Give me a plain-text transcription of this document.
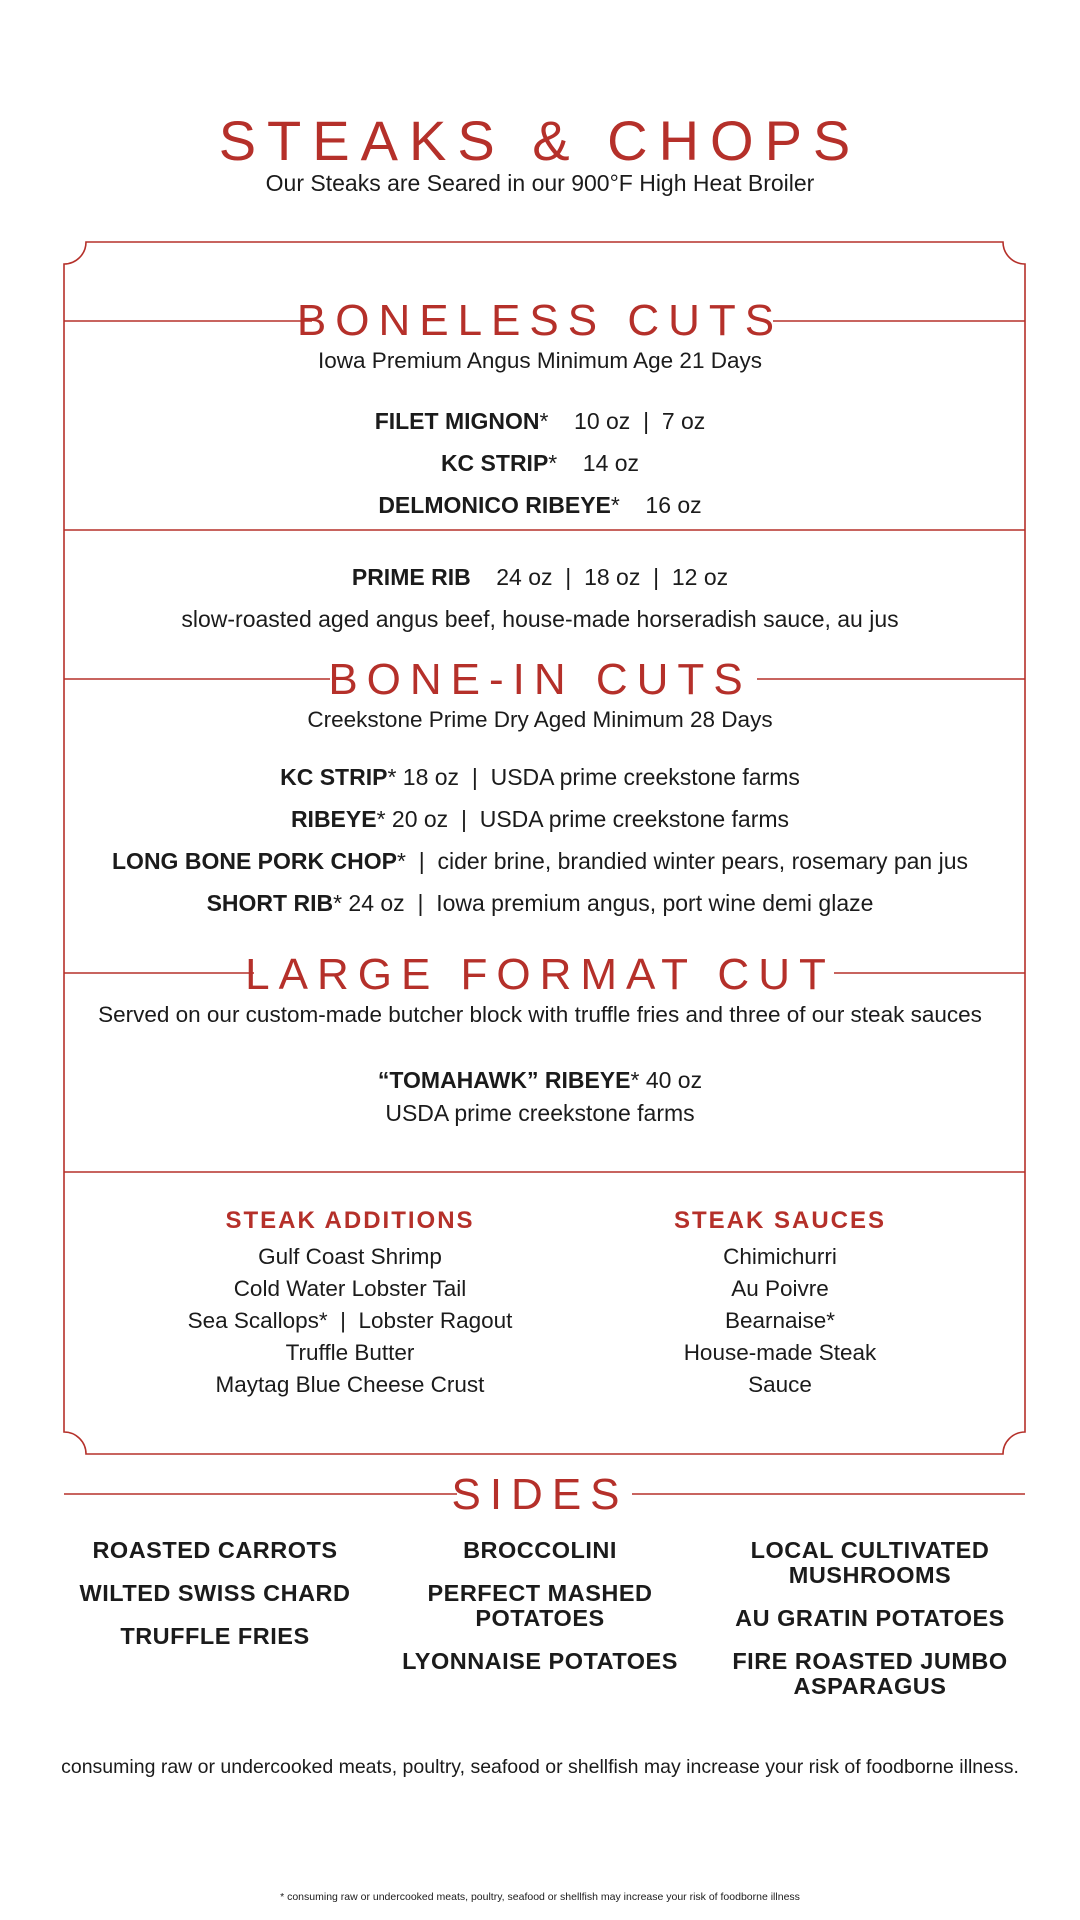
STEAKS & CHOPS
Our Steaks are Seared in our 900°F High Heat Broiler
BONELESS CUTS
Iowa Premium Angus Minimum Age 21 Days
FILET MIGNON* 10 oz  |  7 oz
KC STRIP* 14 oz
DELMONICO RIBEYE* 16 oz
PRIME RIB 24 oz  |  18 oz  |  12 oz
slow-roasted aged angus beef, house-made horseradish sauce, au jus
BONE-IN CUTS
Creekstone Prime Dry Aged Minimum 28 Days
KC STRIP* 18 oz  |  USDA prime creekstone farms
RIBEYE* 20 oz  |  USDA prime creekstone farms
LONG BONE PORK CHOP*  |  cider brine, brandied winter pears, rosemary pan jus
SHORT RIB* 24 oz  |  Iowa premium angus, port wine demi glaze
LARGE FORMAT CUT
Served on our custom-made butcher block with truffle fries and three of our steak sauces
“TOMAHAWK” RIBEYE* 40 oz
USDA prime creekstone farms
STEAK ADDITIONS
Gulf Coast Shrimp
Cold Water Lobster Tail
Sea Scallops*  |  Lobster Ragout
Truffle Butter
Maytag Blue Cheese Crust
STEAK SAUCES
Chimichurri
Au Poivre
Bearnaise*
House-made Steak
Sauce
SIDES
ROASTED CARROTS
WILTED SWISS CHARD
TRUFFLE FRIES
BROCCOLINI
PERFECT MASHED
POTATOES
LYONNAISE POTATOES
LOCAL CULTIVATED
MUSHROOMS
AU GRATIN POTATOES
FIRE ROASTED JUMBO
ASPARAGUS
consuming raw or undercooked meats, poultry, seafood or shellfish may increase your risk of foodborne illness.
* consuming raw or undercooked meats, poultry, seafood or shellfish may increase your risk of foodborne illness
